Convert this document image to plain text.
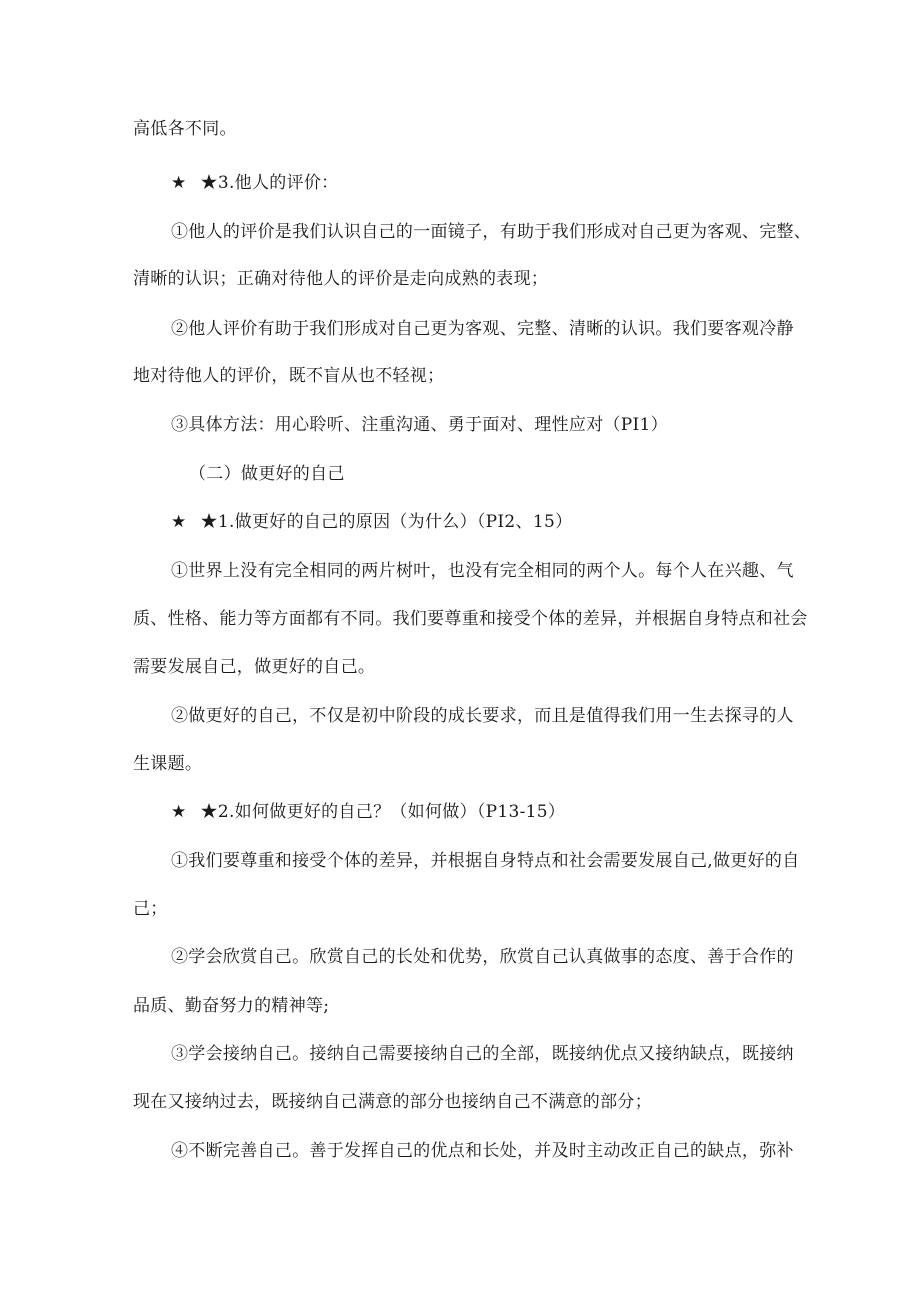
高低各不同。
★ ★3.他人的评价：
①他人的评价是我们认识自己的一面镜子，有助于我们形成对自己更为客观、完整、
清晰的认识；正确对待他人的评价是走向成熟的表现；
②他人评价有助于我们形成对自己更为客观、完整、清晰的认识。我们要客观冷静
地对待他人的评价，既不盲从也不轻视；
③具体方法：用心聆听、注重沟通、勇于面对、理性应对（PI1）
（二）做更好的自己
★ ★1.做更好的自己的原因（为什么）（PI2、15）
①世界上没有完全相同的两片树叶，也没有完全相同的两个人。每个人在兴趣、气
质、性格、能力等方面都有不同。我们要尊重和接受个体的差异，并根据自身特点和社会
需要发展自己，做更好的自己。
②做更好的自己，不仅是初中阶段的成长要求，而且是值得我们用一生去探寻的人
生课题。
★ ★2.如何做更好的自己？（如何做）（P13-15）
①我们要尊重和接受个体的差异，并根据自身特点和社会需要发展自己,做更好的自
己；
②学会欣赏自己。欣赏自己的长处和优势，欣赏自己认真做事的态度、善于合作的
品质、勤奋努力的精神等;
③学会接纳自己。接纳自己需要接纳自己的全部，既接纳优点又接纳缺点，既接纳
现在又接纳过去，既接纳自己满意的部分也接纳自己不满意的部分；
④不断完善自己。善于发挥自己的优点和长处，并及时主动改正自己的缺点，弥补
